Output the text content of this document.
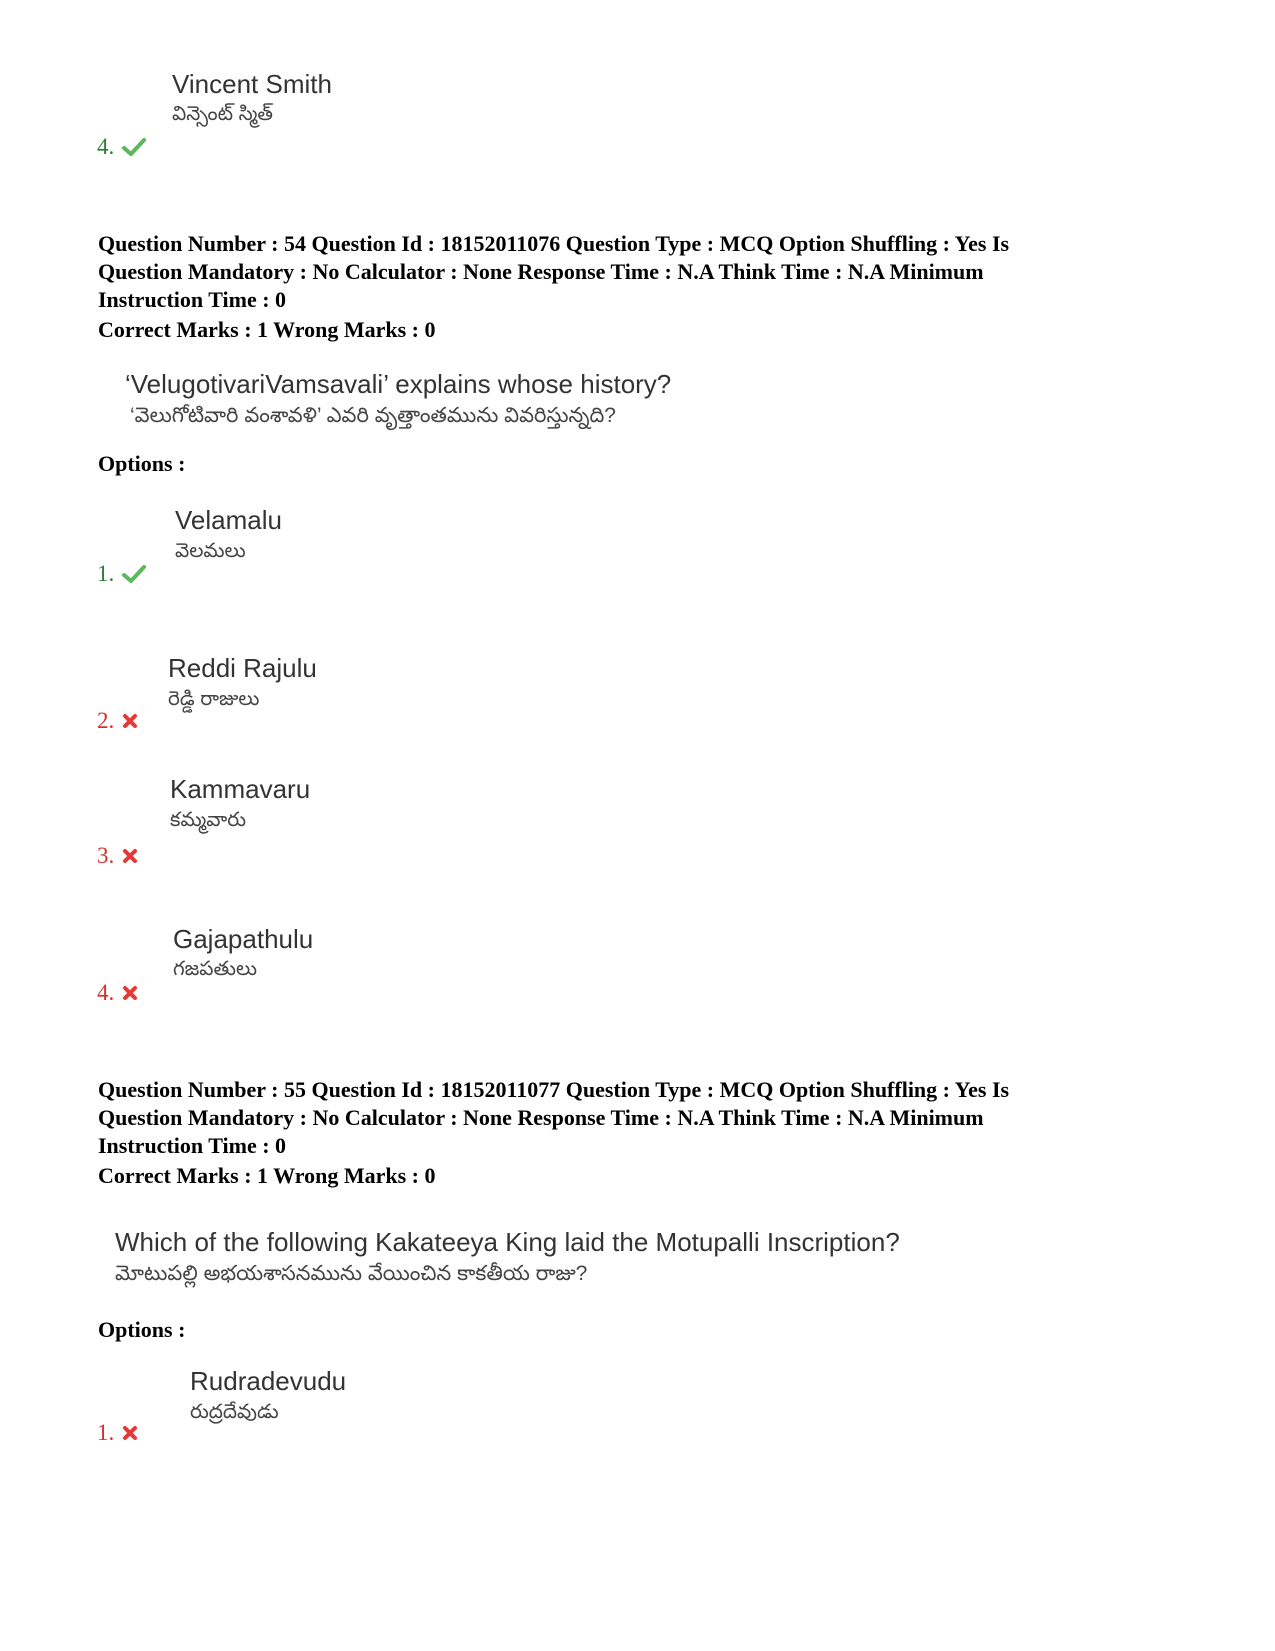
Vincent Smith
విన్సెంట్ స్మిత్
4.
Question Number : 54 Question Id : 18152011076 Question Type : MCQ Option Shuffling : Yes Is
Question Mandatory : No Calculator : None Response Time : N.A Think Time : N.A Minimum
Instruction Time : 0
Correct Marks : 1 Wrong Marks : 0
‘VelugotivariVamsavali’ explains whose history?
‘వెలుగోటివారి వంశావళి’ ఎవరి వృత్తాంతమును వివరిస్తున్నది?
Options :
Velamalu
వెలమలు
1.
Reddi Rajulu
రెడ్డి రాజులు
2.
Kammavaru
కమ్మవారు
3.
Gajapathulu
గజపతులు
4.
Question Number : 55 Question Id : 18152011077 Question Type : MCQ Option Shuffling : Yes Is
Question Mandatory : No Calculator : None Response Time : N.A Think Time : N.A Minimum
Instruction Time : 0
Correct Marks : 1 Wrong Marks : 0
Which of the following Kakateeya King laid the Motupalli Inscription?
మోటుపల్లి అభయశాసనమును వేయించిన కాకతీయ రాజు?
Options :
Rudradevudu
రుద్రదేవుడు
1.
